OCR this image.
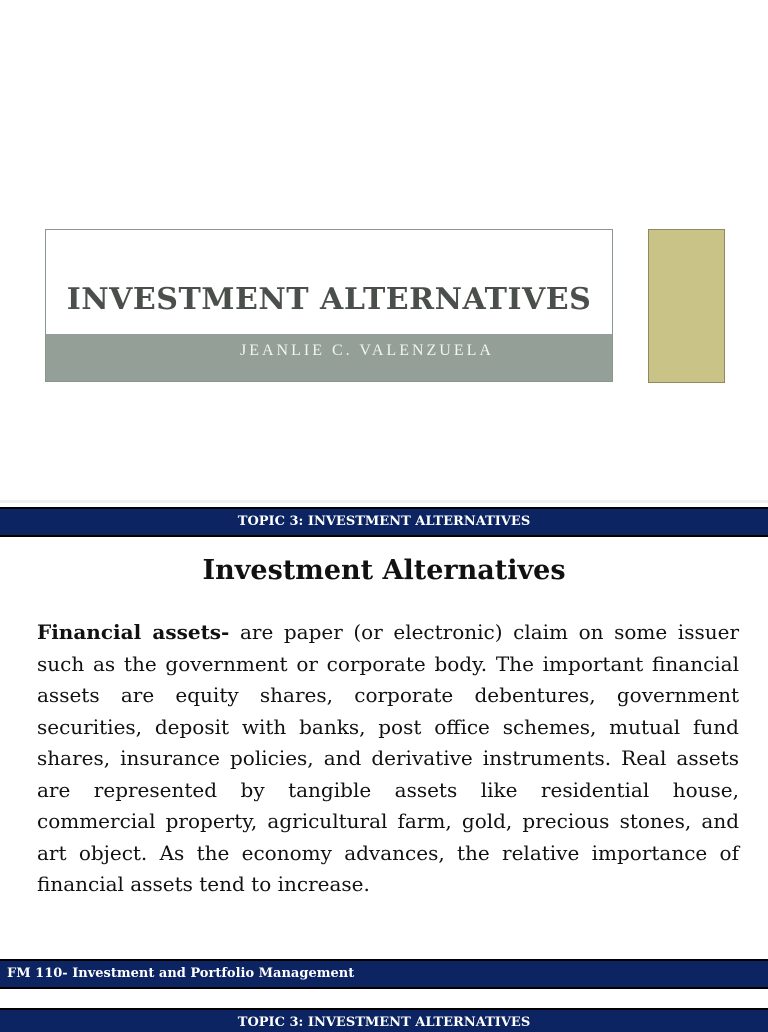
INVESTMENT ALTERNATIVES
JEANLIE C. VALENZUELA
TOPIC 3: INVESTMENT ALTERNATIVES
Investment Alternatives
Financial assets- are paper (or electronic) claim on some issuer such as the government or corporate body. The important financial assets are equity shares, corporate debentures, government securities, deposit with banks, post office schemes, mutual fund shares, insurance policies, and derivative instruments. Real assets are represented by tangible assets like residential house, commercial property, agricultural farm, gold, precious stones, and art object. As the economy advances, the relative importance of financial assets tend to increase.
FM 110- Investment and Portfolio Management
TOPIC 3: INVESTMENT ALTERNATIVES
